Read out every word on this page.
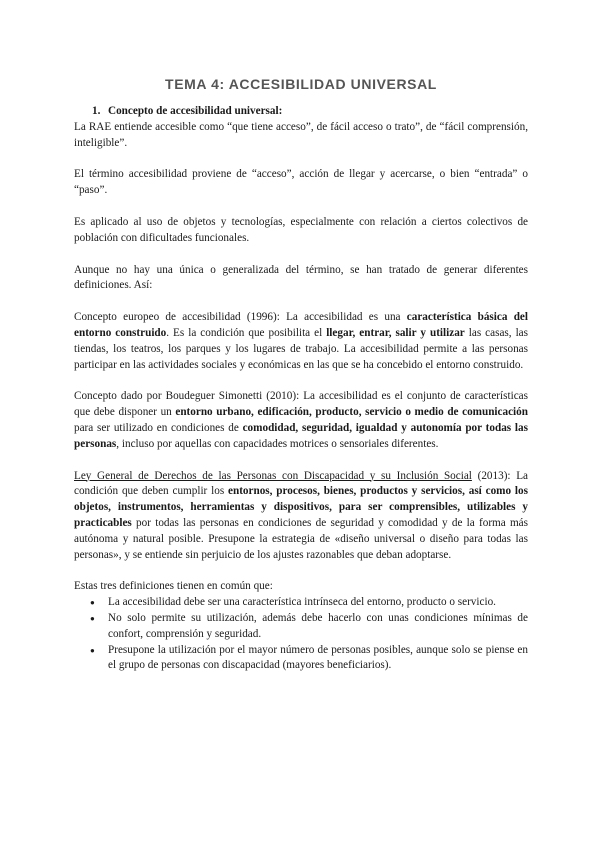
TEMA 4: ACCESIBILIDAD UNIVERSAL

1. Concepto de accesibilidad universal:

La RAE entiende accesible como “que tiene acceso”, de fácil acceso o trato”, de “fácil comprensión, inteligible”.

El término accesibilidad proviene de “acceso”, acción de llegar y acercarse, o bien “entrada” o “paso”.

Es aplicado al uso de objetos y tecnologías, especialmente con relación a ciertos colectivos de población con dificultades funcionales.

Aunque no hay una única o generalizada del término, se han tratado de generar diferentes definiciones. Así:

Concepto europeo de accesibilidad (1996): La accesibilidad es una característica básica del entorno construido. Es la condición que posibilita el llegar, entrar, salir y utilizar las casas, las tiendas, los teatros, los parques y los lugares de trabajo. La accesibilidad permite a las personas participar en las actividades sociales y económicas en las que se ha concebido el entorno construido.

Concepto dado por Boudeguer Simonetti (2010): La accesibilidad es el conjunto de características que debe disponer un entorno urbano, edificación, producto, servicio o medio de comunicación para ser utilizado en condiciones de comodidad, seguridad, igualdad y autonomía por todas las personas, incluso por aquellas con capacidades motrices o sensoriales diferentes.

Ley General de Derechos de las Personas con Discapacidad y su Inclusión Social (2013): La condición que deben cumplir los entornos, procesos, bienes, productos y servicios, así como los objetos, instrumentos, herramientas y dispositivos, para ser comprensibles, utilizables y practicables por todas las personas en condiciones de seguridad y comodidad y de la forma más autónoma y natural posible. Presupone la estrategia de «diseño universal o diseño para todas las personas», y se entiende sin perjuicio de los ajustes razonables que deban adoptarse.

Estas tres definiciones tienen en común que:

● La accesibilidad debe ser una característica intrínseca del entorno, producto o servicio.
● No solo permite su utilización, además debe hacerlo con unas condiciones mínimas de confort, comprensión y seguridad.
● Presupone la utilización por el mayor número de personas posibles, aunque solo se piense en el grupo de personas con discapacidad (mayores beneficiarios).
